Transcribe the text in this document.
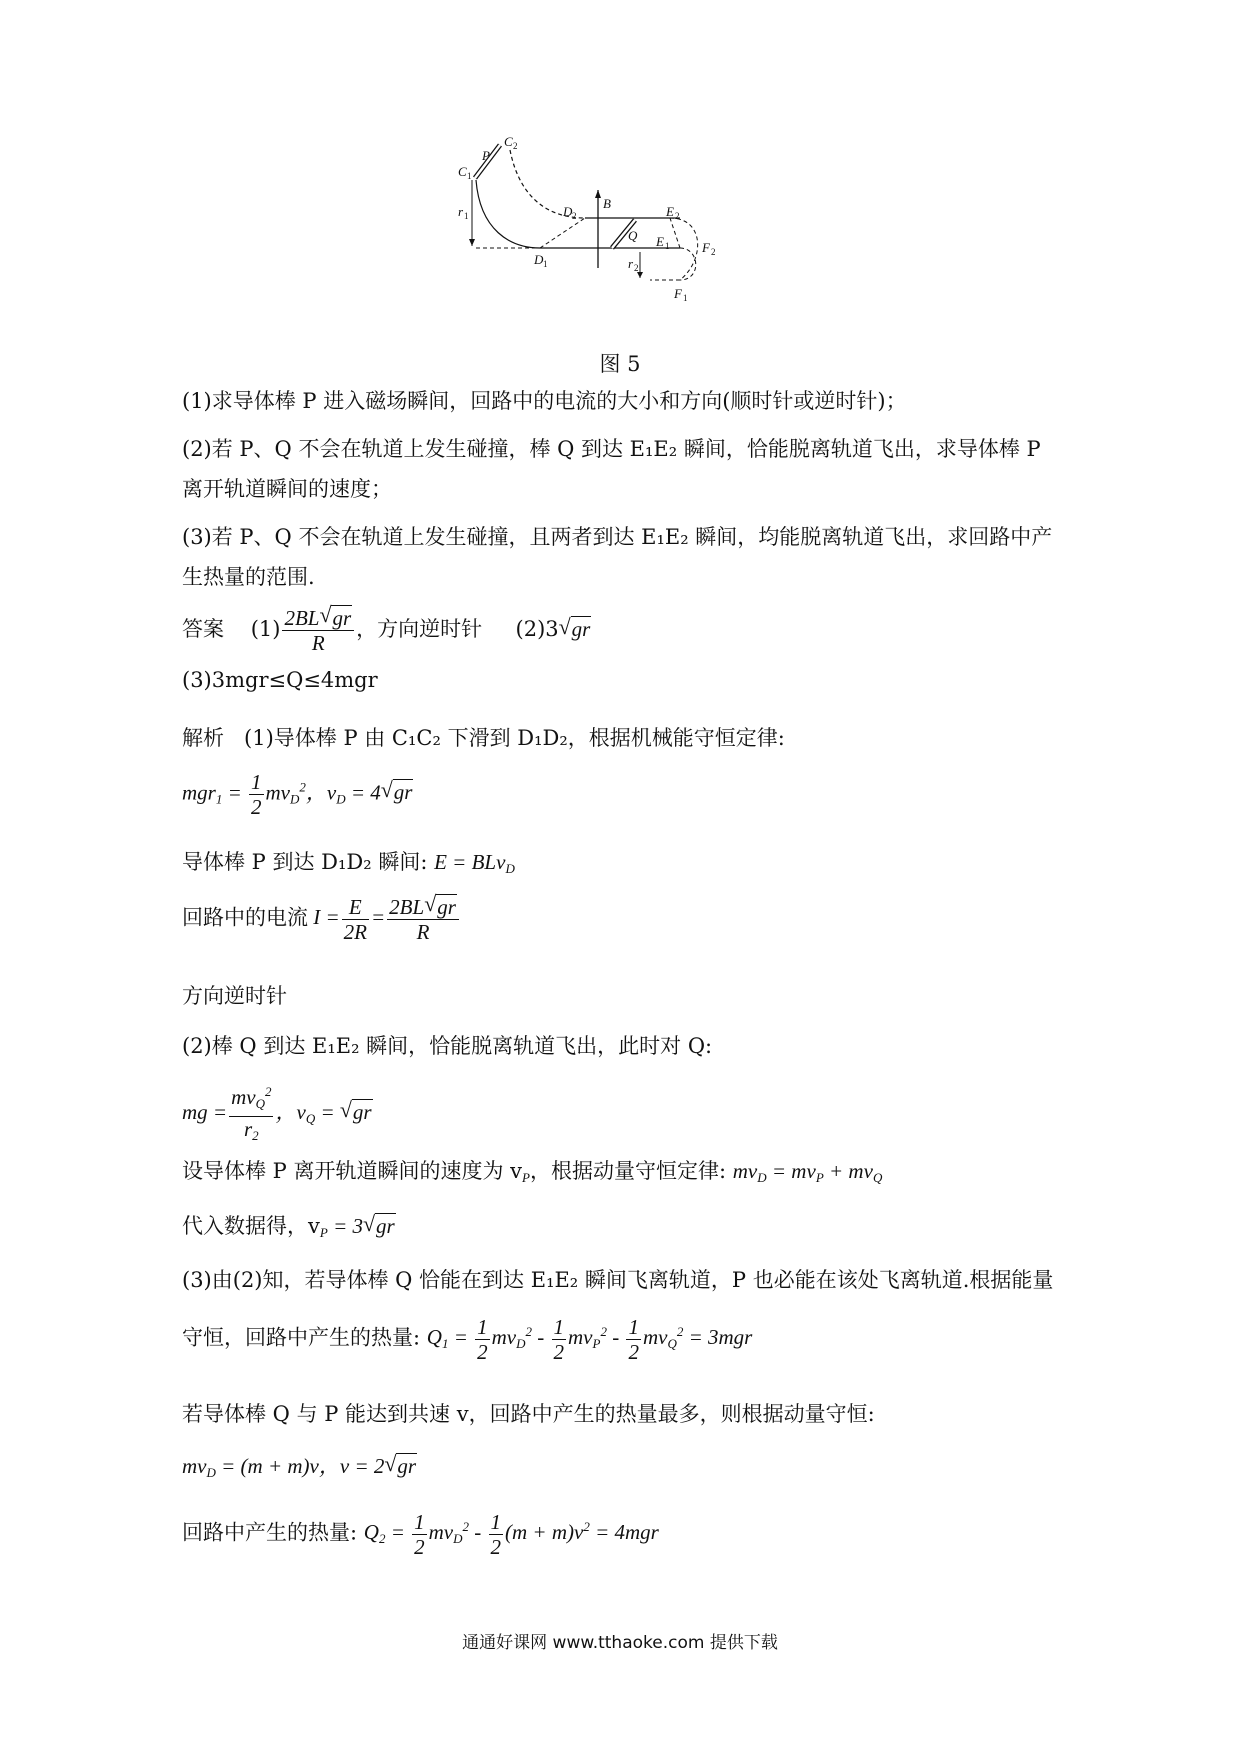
C 1
P
C 2
r 1
D 1
D 2
B
Q
E 2
E 1	F 2
F 1
r 2
图 5
(1)求导体棒 P 进入磁场瞬间，回路中的电流的大小和方向(顺时针或逆时针)；
(2)若 P、Q 不会在轨道上发生碰撞，棒 Q 到达 E₁E₂ 瞬间，恰能脱离轨道飞出，求导体棒 P
离开轨道瞬间的速度；
(3)若 P、Q 不会在轨道上发生碰撞，且两者到达 E₁E₂ 瞬间，均能脱离轨道飞出，求回路中产
生热量的范围.
答案 $(1) \frac{2BL √ gr}{R}$ ，方向逆时针 (2)3 √ gr
(3)3mgr≤Q≤4mgr
解析 (1)导体棒 P 由 C₁C₂ 下滑到 D₁D₂，根据机械能守恒定律:
$mgr_1 = \frac{1}{2} mv_D^2$，$v_D = 4$ √ gr
导体棒 P 到达 D₁D₂ 瞬间: E = BLv$_D$
回路中的电流 $I = \frac{E}{2R} = \frac{2BL √ gr}{R}$
方向逆时针
(2)棒 Q 到达 E₁E₂ 瞬间，恰能脱离轨道飞出，此时对 Q:
mg = $\frac{mv_Q^2}{r_2}$ ，$v_Q$ = √ gr
设导体棒 P 离开轨道瞬间的速度为 $v_P$，根据动量守恒定律: $mv_D = mv_P + mv_Q$
代入数据得，$v_P = 3$ √ gr
(3)由(2)知，若导体棒 Q 恰能在到达 E₁E₂ 瞬间飞离轨道，P 也必能在该处飞离轨道.根据能量
守恒，回路中产生的热量: $Q_1 = \frac{1}{2} mv_D^2 - \frac{1}{2} mv_P^2 - \frac{1}{2} mv_Q^2 = 3mgr$
若导体棒 Q 与 P 能达到共速 v，回路中产生的热量最多，则根据动量守恒:
$mv_D = (m + m)v$，v = 2 √ gr
回路中产生的热量: $Q_2 = \frac{1}{2} mv_D^2 - \frac{1}{2} (m + m)v^2 = 4mgr$
通通好课网 www.tthaoke.com 提供下载
